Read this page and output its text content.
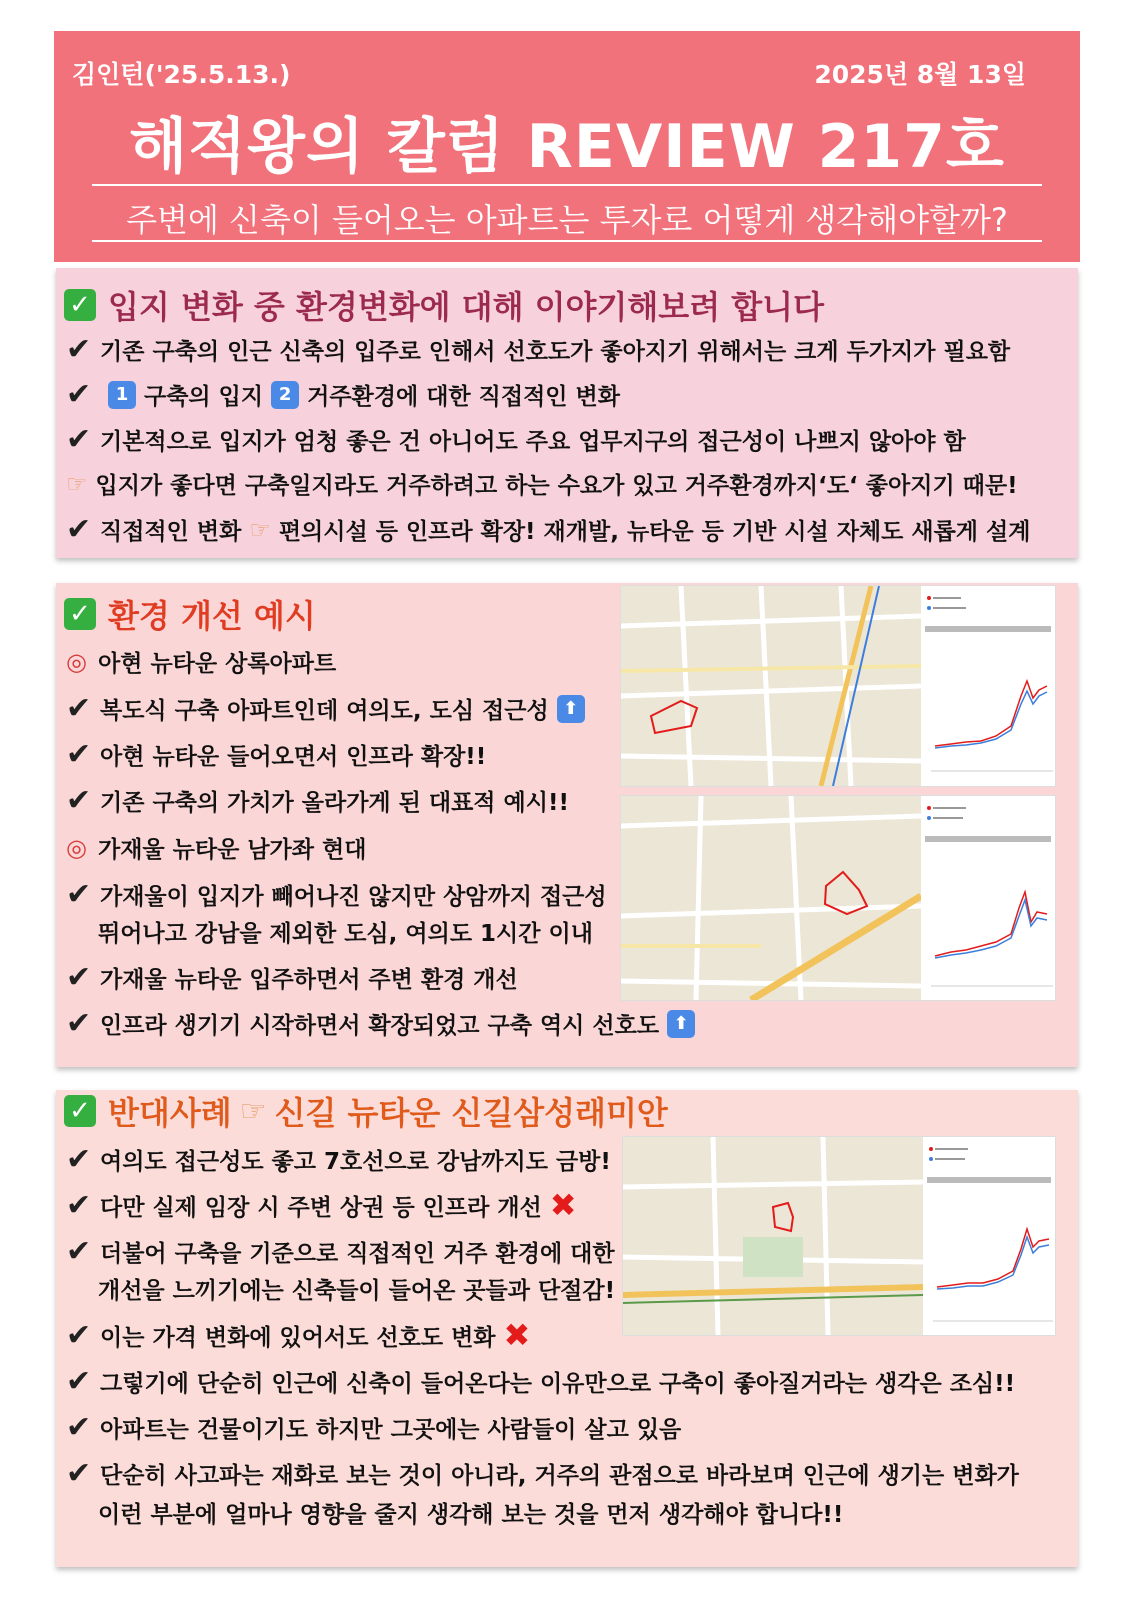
김인턴('25.5.13.)	2025년 8월 13일
해적왕의 칼럼 REVIEW 217호
주변에 신축이 들어오는 아파트는 투자로 어떻게 생각해야할까?
✓ 입지 변화 중 환경변화에 대해 이야기해보려 합니다
✔ 기존 구축의 인근 신축의 입주로 인해서 선호도가 좋아지기 위해서는 크게 두가지가 필요함
✔	1 구축의 입지 2 거주환경에 대한 직접적인 변화
✔ 기본적으로 입지가 엄청 좋은 건 아니어도 주요 업무지구의 접근성이 나쁘지 않아야 함
☞ 입지가 좋다면 구축일지라도 거주하려고 하는 수요가 있고 거주환경까지‘도‘ 좋아지기 때문!
✔ 직접적인 변화 ☞ 편의시설 등 인프라 확장! 재개발, 뉴타운 등 기반 시설 자체도 새롭게 설계
✓ 환경 개선 예시
◎ 아현 뉴타운 상록아파트
✔ 복도식 구축 아파트인데 여의도, 도심 접근성 ⬆
✔ 아현 뉴타운 들어오면서 인프라 확장!!
✔ 기존 구축의 가치가 올라가게 된 대표적 예시!!
◎ 가재울 뉴타운 남가좌 현대
✔ 가재울이 입지가 빼어나진 않지만 상암까지 접근성
뛰어나고 강남을 제외한 도심, 여의도 1시간 이내
✔ 가재울 뉴타운 입주하면서 주변 환경 개선
✔ 인프라 생기기 시작하면서 확장되었고 구축 역시 선호도 ⬆
✓ 반대사례 ☞ 신길 뉴타운 신길삼성래미안
✔ 여의도 접근성도 좋고 7호선으로 강남까지도 금방!
✔ 다만 실제 임장 시 주변 상권 등 인프라 개선 ✖
✔ 더불어 구축을 기준으로 직접적인 거주 환경에 대한
개선을 느끼기에는 신축들이 들어온 곳들과 단절감!
✔ 이는 가격 변화에 있어서도 선호도 변화 ✖
✔ 그렇기에 단순히 인근에 신축이 들어온다는 이유만으로 구축이 좋아질거라는 생각은 조심!!
✔ 아파트는 건물이기도 하지만 그곳에는 사람들이 살고 있음
✔ 단순히 사고파는 재화로 보는 것이 아니라, 거주의 관점으로 바라보며 인근에 생기는 변화가
이런 부분에 얼마나 영향을 줄지 생각해 보는 것을 먼저 생각해야 합니다!!
